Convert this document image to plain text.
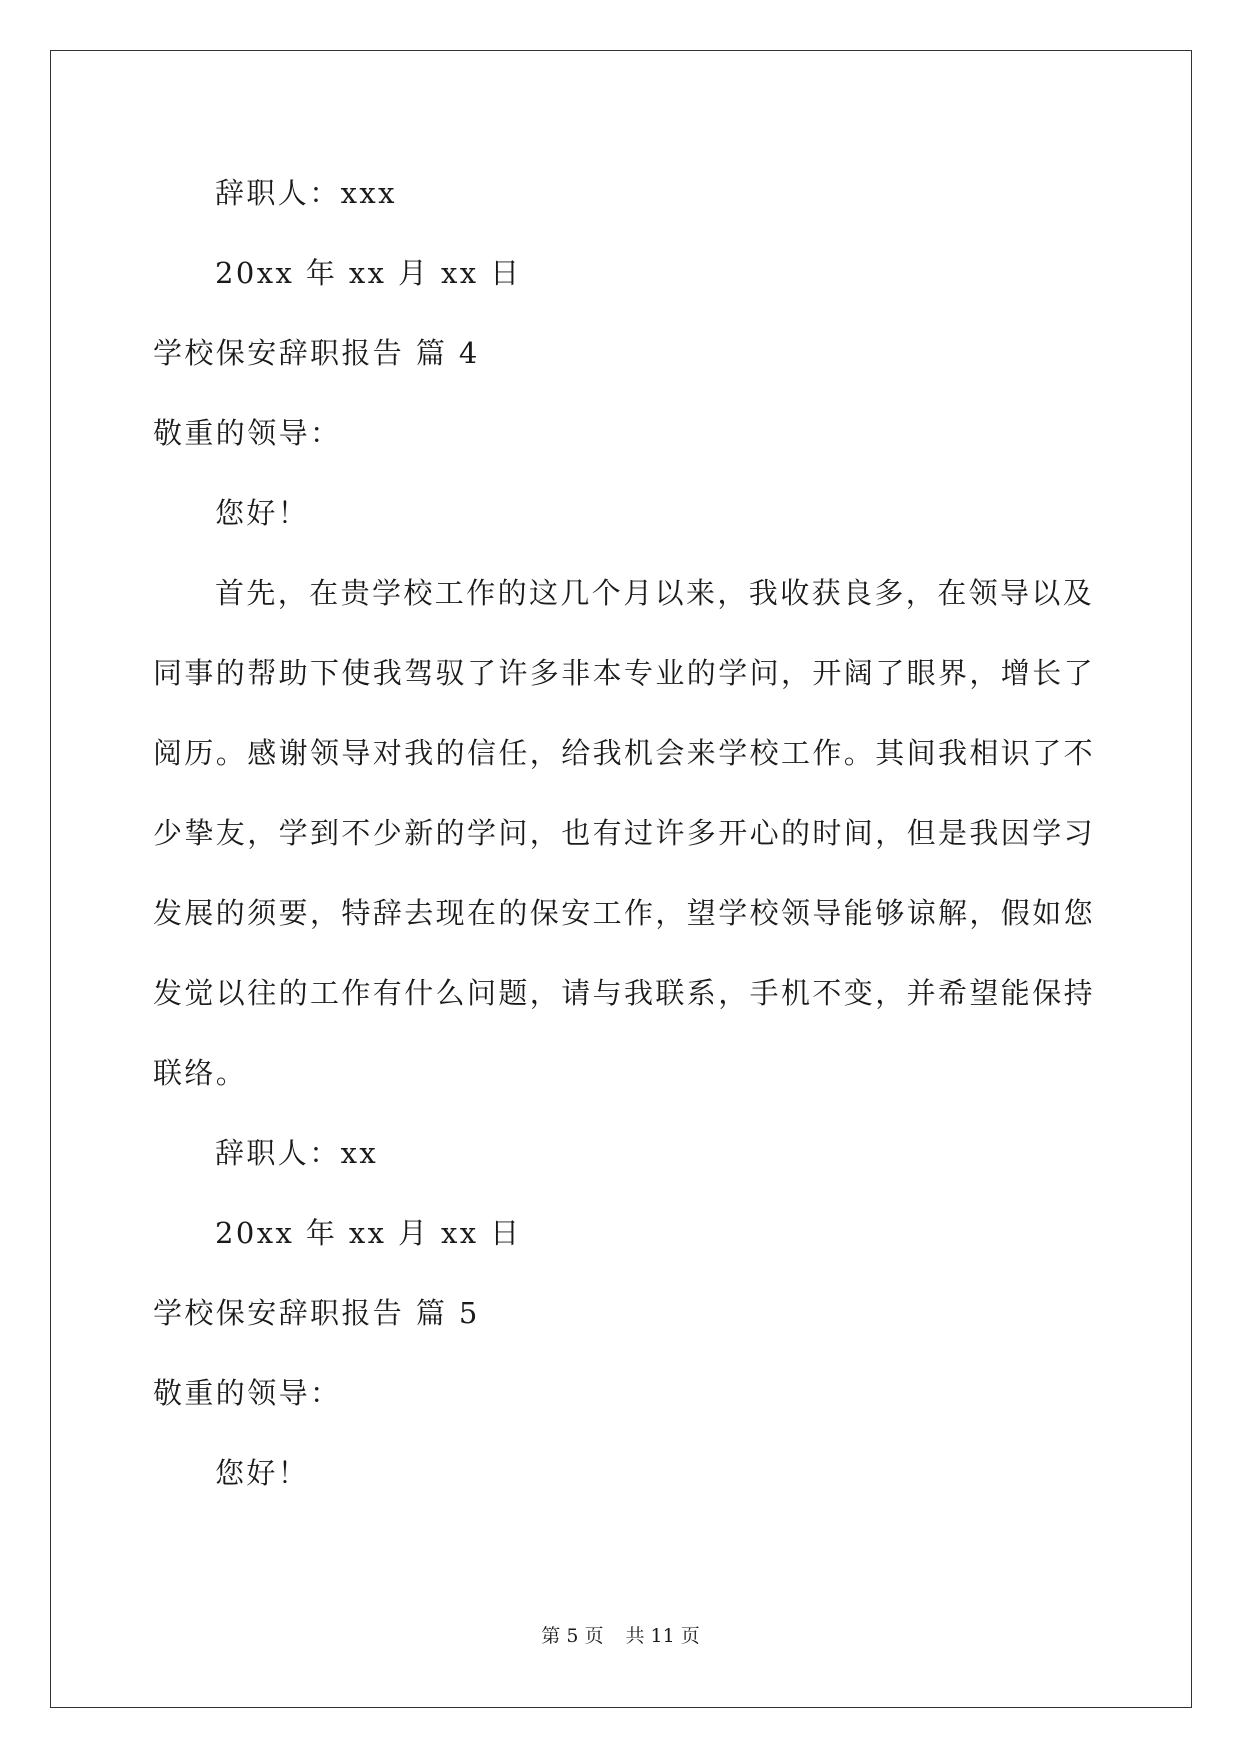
辞职人：xxx
20xx 年 xx 月 xx 日
学校保安辞职报告 篇 4
敬重的领导：
您好！
首先，在贵学校工作的这几个月以来，我收获良多，在领导以及
同事的帮助下使我驾驭了许多非本专业的学问，开阔了眼界，增长了
阅历。感谢领导对我的信任，给我机会来学校工作。其间我相识了不
少挚友，学到不少新的学问，也有过许多开心的时间，但是我因学习
发展的须要，特辞去现在的保安工作，望学校领导能够谅解，假如您
发觉以往的工作有什么问题，请与我联系，手机不变，并希望能保持
联络。
辞职人：xx
20xx 年 xx 月 xx 日
学校保安辞职报告 篇 5
敬重的领导：
您好！
第 5 页 共 11 页
